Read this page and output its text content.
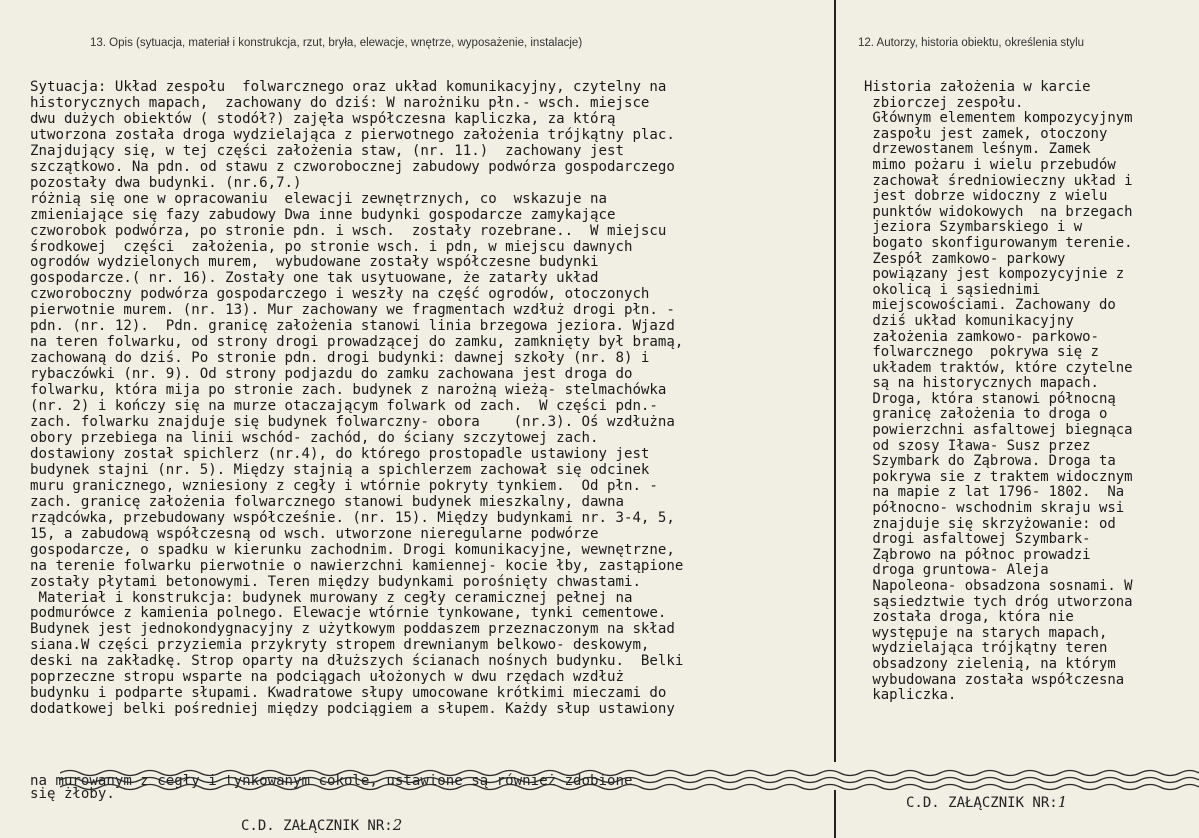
13. Opis (sytuacja, materiał i konstrukcja, rzut, bryła, elewacje, wnętrze, wyposażenie, instalacje)
Sytuacja: Układ zespołu  folwarcznego oraz układ komunikacyjny, czytelny na
historycznych mapach,  zachowany do dziś: W narożniku płn.- wsch. miejsce
dwu dużych obiektów ( stodół?) zajęła współczesna kapliczka, za którą
utworzona została droga wydzielająca z pierwotnego założenia trójkątny plac.
Znajdujący się, w tej części założenia staw, (nr. 11.)  zachowany jest
szczątkowo. Na pdn. od stawu z czworobocznej zabudowy podwórza gospodarczego
pozostały dwa budynki. (nr.6,7.)
różnią się one w opracowaniu  elewacji zewnętrznych, co  wskazuje na
zmieniające się fazy zabudowy Dwa inne budynki gospodarcze zamykające
czworobok podwórza, po stronie pdn. i wsch.  zostały rozebrane..  W miejscu
środkowej  części  założenia, po stronie wsch. i pdn, w miejscu dawnych
ogrodów wydzielonych murem,  wybudowane zostały współczesne budynki
gospodarcze.( nr. 16). Zostały one tak usytuowane, że zatarły układ
czworoboczny podwórza gospodarczego i weszły na część ogrodów, otoczonych
pierwotnie murem. (nr. 13). Mur zachowany we fragmentach wzdłuż drogi płn. -
pdn. (nr. 12).  Pdn. granicę założenia stanowi linia brzegowa jeziora. Wjazd
na teren folwarku, od strony drogi prowadzącej do zamku, zamknięty był bramą,
zachowaną do dziś. Po stronie pdn. drogi budynki: dawnej szkoły (nr. 8) i
rybaczówki (nr. 9). Od strony podjazdu do zamku zachowana jest droga do
folwarku, która mija po stronie zach. budynek z narożną wieżą- stelmachówka
(nr. 2) i kończy się na murze otaczającym folwark od zach.  W części pdn.-
zach. folwarku znajduje się budynek folwarczny- obora    (nr.3). Oś wzdłużna
obory przebiega na linii wschód- zachód, do ściany szczytowej zach.
dostawiony został spichlerz (nr.4), do którego prostopadle ustawiony jest
budynek stajni (nr. 5). Między stajnią a spichlerzem zachował się odcinek
muru granicznego, wzniesiony z cegły i wtórnie pokryty tynkiem.  Od płn. -
zach. granicę założenia folwarcznego stanowi budynek mieszkalny, dawna
rządcówka, przebudowany współcześnie. (nr. 15). Między budynkami nr. 3-4, 5,
15, a zabudową współczesną od wsch. utworzone nieregularne podwórze
gospodarcze, o spadku w kierunku zachodnim. Drogi komunikacyjne, wewnętrzne,
na terenie folwarku pierwotnie o nawierzchni kamiennej- kocie łby, zastąpione
zostały płytami betonowymi. Teren między budynkami porośnięty chwastami.
Materiał i konstrukcja: budynek murowany z cegły ceramicznej pełnej na
podmurówce z kamienia polnego. Elewacje wtórnie tynkowane, tynki cementowe.
Budynek jest jednokondygnacyjny z użytkowym poddaszem przeznaczonym na skład
siana.W części przyziemia przykryty stropem drewnianym belkowo- deskowym,
deski na zakładkę. Strop oparty na dłuższych ścianach nośnych budynku.  Belki
poprzeczne stropu wsparte na podciągach ułożonych w dwu rzędach wzdłuż
budynku i podparte słupami. Kwadratowe słupy umocowane krótkimi mieczami do
dodatkowej belki pośredniej między podciągiem a słupem. Każdy słup ustawiony
na murowanym z cegły i tynkowanym cokole, ustawione są również zdobione
się żłoby.
C.D. ZAŁĄCZNIK NR:2
12. Autorzy, historia obiektu, określenia stylu
Historia założenia w karcie
zbiorczej zespołu.
Głównym elementem kompozycyjnym
zaspołu jest zamek, otoczony
drzewostanem leśnym. Zamek
mimo pożaru i wielu przebudów
zachował średniowieczny układ i
jest dobrze widoczny z wielu
punktów widokowych  na brzegach
jeziora Szymbarskiego i w
bogato skonfigurowanym terenie.
Zespół zamkowo- parkowy
powiązany jest kompozycyjnie z
okolicą i sąsiednimi
miejscowościami. Zachowany do
dziś układ komunikacyjny
założenia zamkowo- parkowo-
folwarcznego  pokrywa się z
układem traktów, które czytelne
są na historycznych mapach.
Droga, która stanowi północną
granicę założenia to droga o
powierzchni asfaltowej biegnąca
od szosy Iława- Susz przez
Szymbark do Ząbrowa. Droga ta
pokrywa sie z traktem widocznym
na mapie z lat 1796- 1802.  Na
północno- wschodnim skraju wsi
znajduje się skrzyżowanie: od
drogi asfaltowej Szymbark-
Ząbrowo na północ prowadzi
droga gruntowa- Aleja
Napoleona- obsadzona sosnami. W
sąsiedztwie tych dróg utworzona
została droga, która nie
występuje na starych mapach,
wydzielająca trójkątny teren
obsadzony zielenią, na którym
wybudowana została współczesna
kapliczka.
C.D. ZAŁĄCZNIK NR:1
